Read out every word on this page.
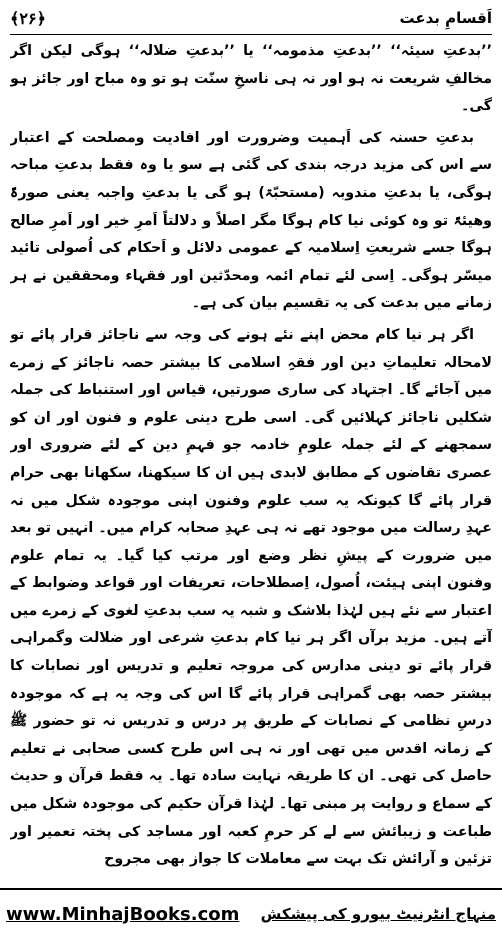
﴿۲۶﴾	اَقسامِ بدعت

’’بدعتِ سیئہ‘‘ ’’بدعتِ مذمومہ‘‘ یا ’’بدعتِ ضلالہ‘‘ ہوگی لیکن اگر مخالفِ شریعت نہ ہو اور نہ ہی ناسخِ سنّت ہو تو وہ مباح اور جائز ہو گی۔

بدعتِ حسنہ کی اَہمیت وضرورت اور افادیت ومصلحت کے اعتبار سے اس کی مزید درجہ بندی کی گئی ہے سو یا وہ فقط بدعتِ مباحہ ہوگی، یا بدعتِ مندوبہ (مستحبّۃ) ہو گی یا بدعتِ واجبہ یعنی صورۃً وھیئۃً تو وہ کوئی نیا کام ہوگا مگر اصلاً و دلالتاً اَمرِ خیر اور اَمرِ صالح ہوگا جسے شریعتِ اِسلامیہ کے عمومی دلائل و اَحکام کی اُصولی تائید میسّر ہوگی۔ اِسی لئے تمام ائمہ ومحدّثین اور فقہاء ومحققین نے ہر زمانے میں بدعت کی یہ تقسیم بیان کی ہے۔

اگر ہر نیا کام محض اپنے نئے ہونے کی وجہ سے ناجائز قرار پائے تو لامحالہ تعلیماتِ دین اور فقہِ اسلامی کا بیشتر حصہ ناجائز کے زمرے میں آجائے گا۔ اجتہاد کی ساری صورتیں، قیاس اور استنباط کی جملہ شکلیں ناجائز کہلائیں گی۔ اسی طرح دینی علوم و فنون اور ان کو سمجھنے کے لئے جملہ علومِ خادمہ جو فہمِ دین کے لئے ضروری اور عصری تقاضوں کے مطابق لابدی ہیں ان کا سیکھنا، سکھانا بھی حرام قرار پائے گا کیونکہ یہ سب علوم وفنون اپنی موجودہ شکل میں نہ عہدِ رسالت میں موجود تھے نہ ہی عہدِ صحابہ کرام میں۔ انہیں تو بعد میں ضرورت کے پیشِ نظر وضع اور مرتب کیا گیا۔ یہ تمام علوم وفنون اپنی ہیئت، اُصول، اِصطلاحات، تعریفات اور قواعد وضوابط کے اعتبار سے نئے ہیں لہٰذا بلاشک و شبہ یہ سب بدعتِ لغوی کے زمرے میں آتے ہیں۔ مزید برآں اگر ہر نیا کام بدعتِ شرعی اور ضلالت وگمراہی قرار پائے تو دینی مدارس کی مروجہ تعلیم و تدریس اور نصابات کا بیشتر حصہ بھی گمراہی قرار پائے گا اس کی وجہ یہ ہے کہ موجودہ درسِ نظامی کے نصابات کے طریق پر درس و تدریس نہ تو حضور ﷺ کے زمانہ اقدس میں تھی اور نہ ہی اس طرح کسی صحابی نے تعلیم حاصل کی تھی۔ ان کا طریقہ نہایت سادہ تھا۔ یہ فقط قرآن و حدیث کے سماع و روایت پر مبنی تھا۔ لہٰذا قرآن حکیم کی موجودہ شکل میں طباعت و زیبائش سے لے کر حرمِ کعبہ اور مساجد کی پختہ تعمیر اور تزئین و آرائش تک بہت سے معاملات کا جواز بھی مجروح

www.MinhajBooks.com منہاج انٹرنیٹ بیورو کی پیشکش
